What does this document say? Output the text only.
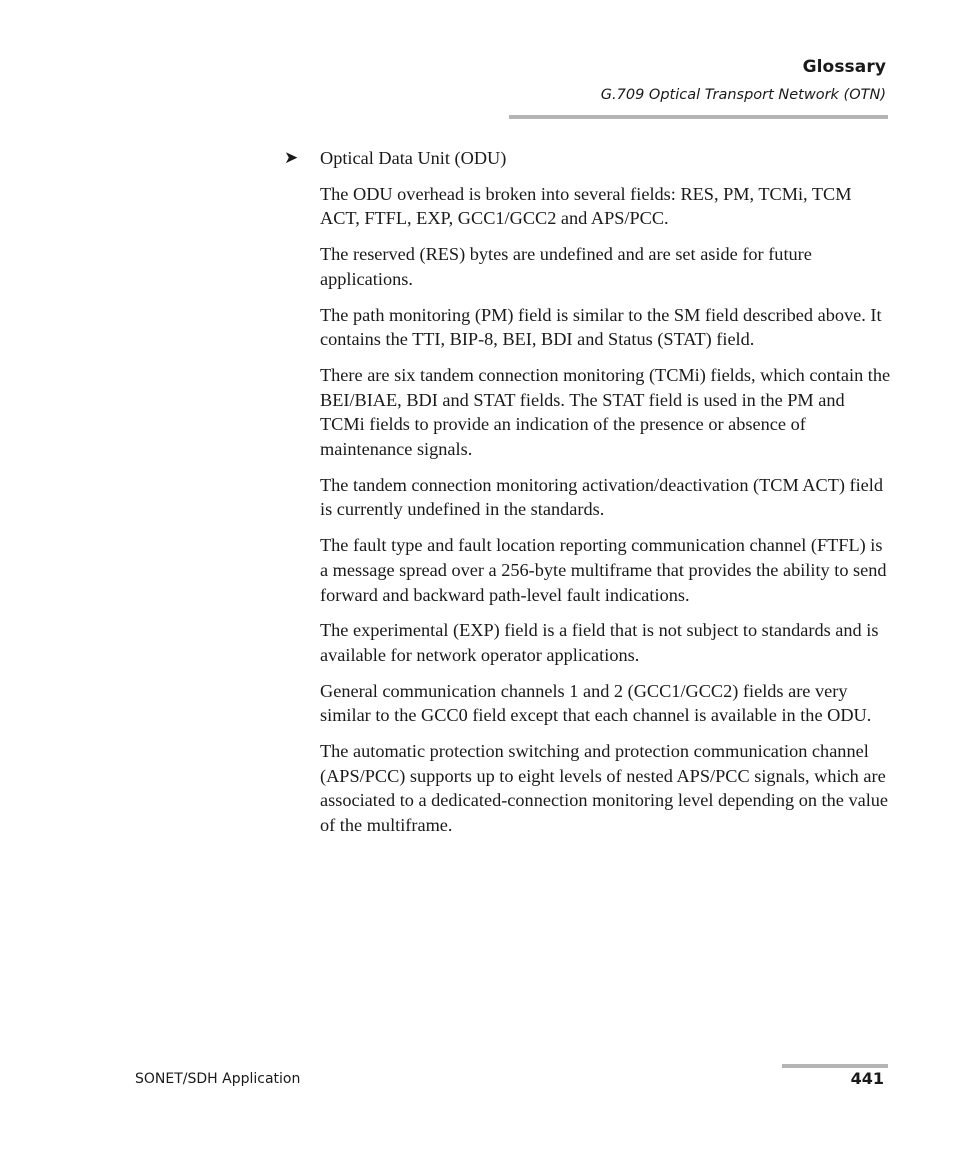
Glossary
G.709 Optical Transport Network (OTN)
➤ Optical Data Unit (ODU)

The ODU overhead is broken into several fields: RES, PM, TCMi, TCM ACT, FTFL, EXP, GCC1/GCC2 and APS/PCC.

The reserved (RES) bytes are undefined and are set aside for future applications.

The path monitoring (PM) field is similar to the SM field described above. It contains the TTI, BIP-8, BEI, BDI and Status (STAT) field.

There are six tandem connection monitoring (TCMi) fields, which contain the BEI/BIAE, BDI and STAT fields. The STAT field is used in the PM and TCMi fields to provide an indication of the presence or absence of maintenance signals.

The tandem connection monitoring activation/deactivation (TCM ACT) field is currently undefined in the standards.

The fault type and fault location reporting communication channel (FTFL) is a message spread over a 256-byte multiframe that provides the ability to send forward and backward path-level fault indications.

The experimental (EXP) field is a field that is not subject to standards and is available for network operator applications.

General communication channels 1 and 2 (GCC1/GCC2) fields are very similar to the GCC0 field except that each channel is available in the ODU.

The automatic protection switching and protection communication channel (APS/PCC) supports up to eight levels of nested APS/PCC signals, which are associated to a dedicated-connection monitoring level depending on the value of the multiframe.

SONET/SDH Application	441
